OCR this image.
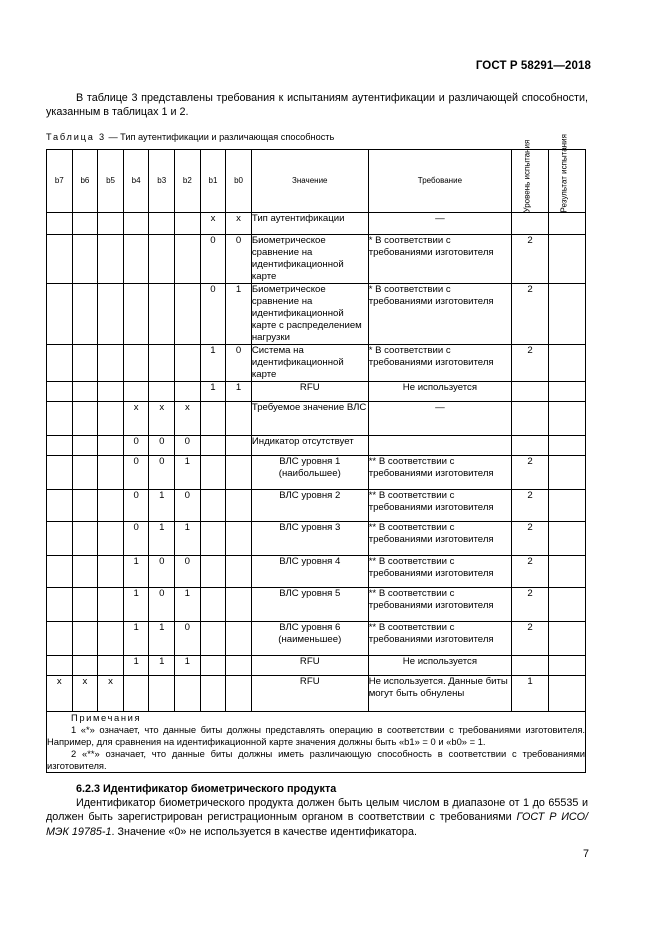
ГОСТ Р 58291—2018
В таблице 3 представлены требования к испытаниям аутентификации и различающей способности, указанным в таблицах 1 и 2.
Таблица 3 — Тип аутентификации и различающая способность
b7	b6	b5	b4	b3	b2	b1	b0	Значение	Требование	Уровень испытания	Результат испытания

						x	x	Тип аутентификации	—		
						0	0	Биометрическое сравнение на идентификационной карте	* В соответствии с требованиями изготовителя	2	
						0	1	Биометрическое сравнение на идентификационной карте с распределением нагрузки	* В соответствии с требованиями изготовителя	2	
						1	0	Система на идентификационной карте	* В соответствии с требованиями изготовителя	2	
						1	1	RFU	Не используется		
			x	x	x			Требуемое значение ВЛС	—		
			0	0	0			Индикатор отсутствует			
			0	0	1			ВЛС уровня 1 (наибольшее)	** В соответствии с требованиями изготовителя	2	
			0	1	0			ВЛС уровня 2	** В соответствии с требованиями изготовителя	2	
			0	1	1			ВЛС уровня 3	** В соответствии с требованиями изготовителя	2	
			1	0	0			ВЛС уровня 4	** В соответствии с требованиями изготовителя	2	
			1	0	1			ВЛС уровня 5	** В соответствии с требованиями изготовителя	2	
			1	1	0			ВЛС уровня 6 (наименьшее)	** В соответствии с требованиями изготовителя	2	
			1	1	1			RFU	Не используется		
x	x	x						RFU	Не используется. Данные биты могут быть обнулены	1	

Примечания
1 «*» означает, что данные биты должны представлять операцию в соответствии с требованиями изготовителя. Например, для сравнения на идентификационной карте значения должны быть «b1» = 0 и «b0» = 1.
2 «**» означает, что данные биты должны иметь различающую способность в соответствии с требованиями изготовителя.											
6.2.3 Идентификатор биометрического продукта
Идентификатор биометрического продукта должен быть целым числом в диапазоне от 1 до 65535 и должен быть зарегистрирован регистрационным органом в соответствии с требованиями ГОСТ Р ИСО/МЭК 19785-1. Значение «0» не используется в качестве идентификатора.
7
